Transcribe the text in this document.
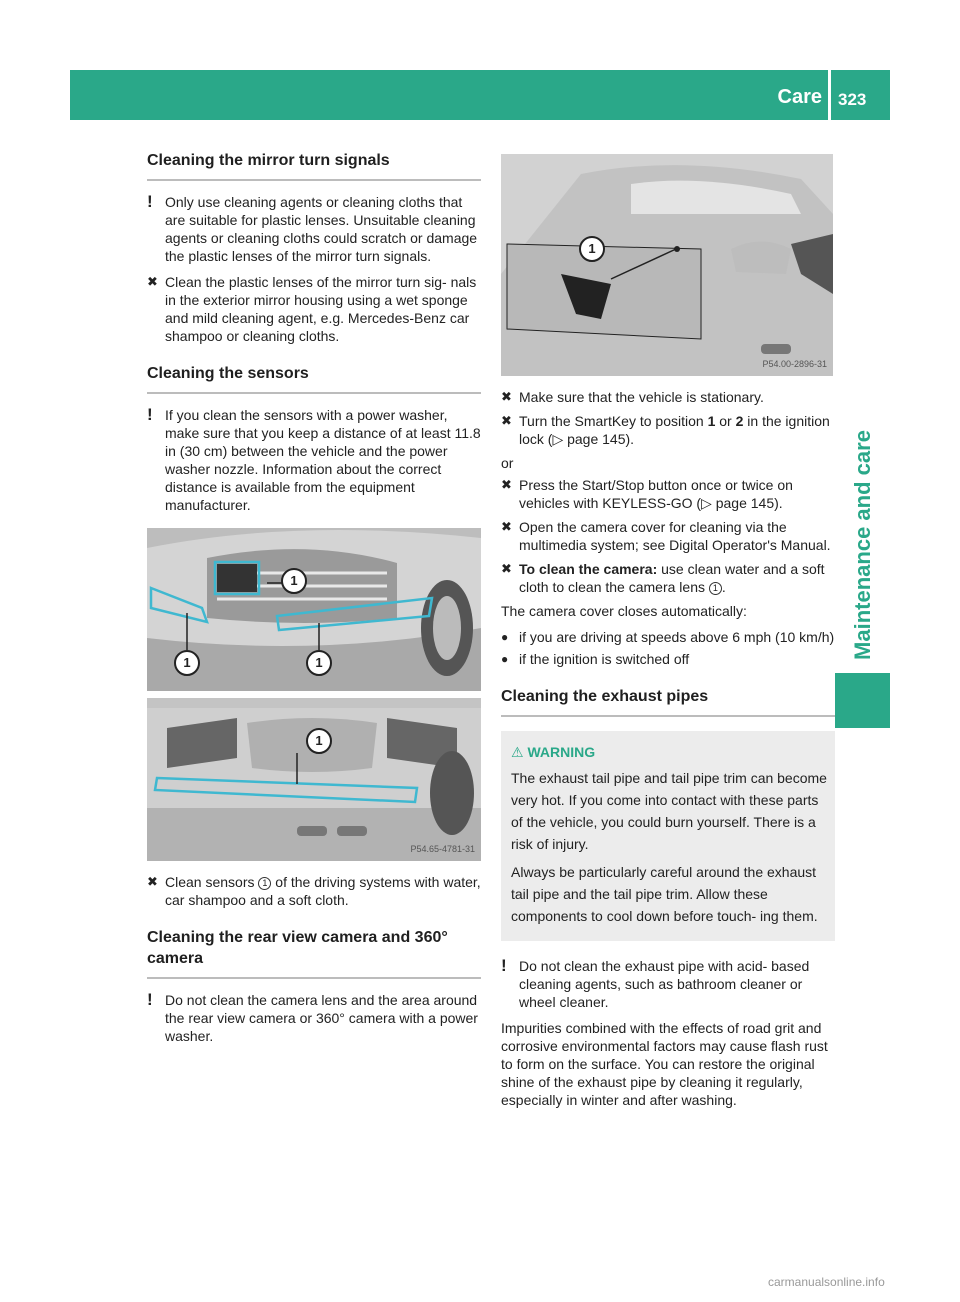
Care 323
Maintenance and care
Cleaning the mirror turn signals
! Only use cleaning agents or cleaning cloths that are suitable for plastic lenses. Unsuitable cleaning agents or cleaning cloths could scratch or damage the plastic lenses of the mirror turn signals.
✖ Clean the plastic lenses of the mirror turn sig- nals in the exterior mirror housing using a wet sponge and mild cleaning agent, e.g. Mercedes-Benz car shampoo or cleaning cloths.
Cleaning the sensors
! If you clean the sensors with a power washer, make sure that you keep a distance of at least 11.8 in (30 cm) between the vehicle and the power washer nozzle. Information about the correct distance is available from the equipment manufacturer.
1
1	1
1
P54.65-4781-31
✖ Clean sensors 1 of the driving systems with water, car shampoo and a soft cloth.
Cleaning the rear view camera and 360° camera
! Do not clean the camera lens and the area around the rear view camera or 360° camera with a power washer.
1
P54.00-2896-31
✖ Make sure that the vehicle is stationary.
✖ Turn the SmartKey to position 1 or 2 in the ignition lock (▷ page 145).
or
✖ Press the Start/Stop button once or twice on vehicles with KEYLESS-GO (▷ page 145).
✖ Open the camera cover for cleaning via the multimedia system; see Digital Operator's Manual.
✖ To clean the camera: use clean water and a soft cloth to clean the camera lens 1 .
The camera cover closes automatically:
● if you are driving at speeds above 6 mph (10 km/h)
● if the ignition is switched off
Cleaning the exhaust pipes
⚠ WARNING
The exhaust tail pipe and tail pipe trim can become very hot. If you come into contact with these parts of the vehicle, you could burn yourself. There is a risk of injury.
Always be particularly careful around the exhaust tail pipe and the tail pipe trim. Allow these components to cool down before touch- ing them.
! Do not clean the exhaust pipe with acid- based cleaning agents, such as bathroom cleaner or wheel cleaner.
Impurities combined with the effects of road grit and corrosive environmental factors may cause flash rust to form on the surface. You can restore the original shine of the exhaust pipe by cleaning it regularly, especially in winter and after washing.
carmanualsonline.info
